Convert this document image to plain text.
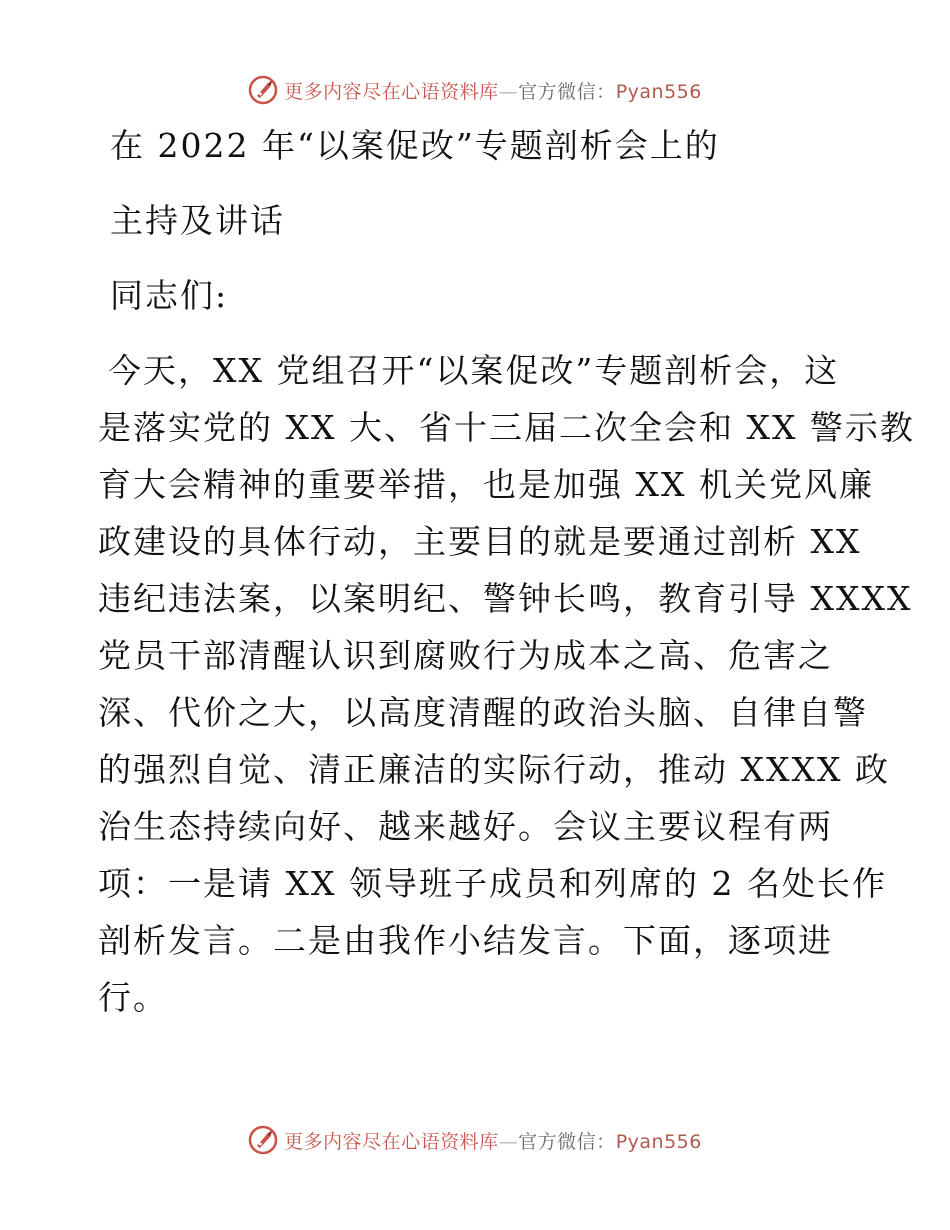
更多内容尽在心语资料库—官方微信：Pyan556
在 2022 年“以案促改”专题剖析会上的
主持及讲话
同志们:
今天，XX 党组召开“以案促改”专题剖析会，这
是落实党的 XX 大、省十三届二次全会和 XX 警示教
育大会精神的重要举措，也是加强 XX 机关党风廉
政建设的具体行动，主要目的就是要通过剖析 XX
违纪违法案，以案明纪、警钟长鸣，教育引导 XXXX
党员干部清醒认识到腐败行为成本之高、危害之
深、代价之大，以高度清醒的政治头脑、自律自警
的强烈自觉、清正廉洁的实际行动，推动 XXXX 政
治生态持续向好、越来越好。会议主要议程有两
项：一是请 XX 领导班子成员和列席的 2 名处长作
剖析发言。二是由我作小结发言。下面，逐项进
行。
更多内容尽在心语资料库—官方微信：Pyan556
